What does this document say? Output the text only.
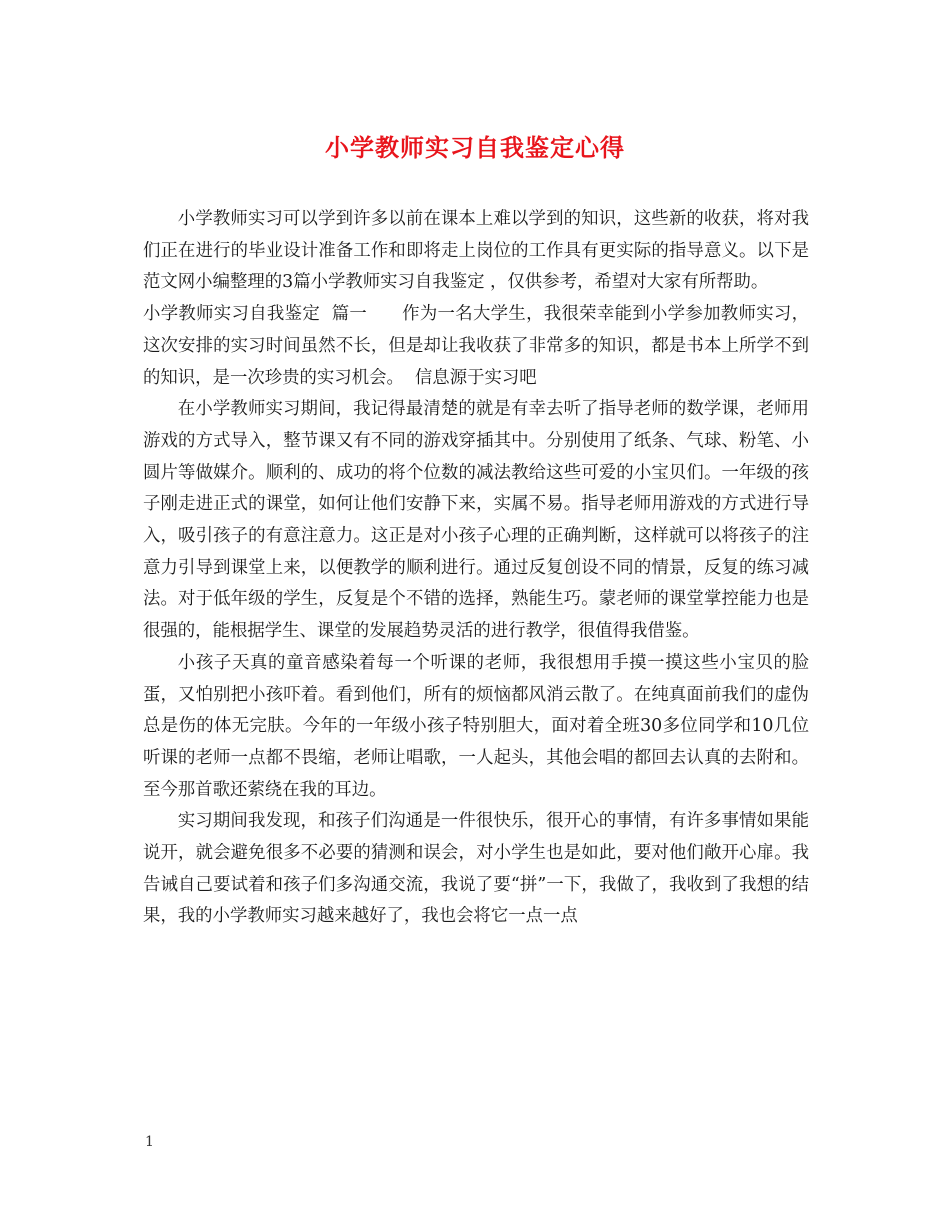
小学教师实习自我鉴定心得

小学教师实习可以学到许多以前在课本上难以学到的知识，这些新的收获，将对我们正在进行的毕业设计准备工作和即将走上岗位的工作具有更实际的指导意义。以下是范文网小编整理的3篇小学教师实习自我鉴定 ，仅供参考，希望对大家有所帮助。

小学教师实习自我鉴定  篇一      作为一名大学生，我很荣幸能到小学参加教师实习，这次安排的实习时间虽然不长，但是却让我收获了非常多的知识，都是书本上所学不到的知识，是一次珍贵的实习机会。  信息源于实习吧

在小学教师实习期间，我记得最清楚的就是有幸去听了指导老师的数学课，老师用游戏的方式导入，整节课又有不同的游戏穿插其中。分别使用了纸条、气球、粉笔、小圆片等做媒介。顺利的、成功的将个位数的减法教给这些可爱的小宝贝们。一年级的孩子刚走进正式的课堂，如何让他们安静下来，实属不易。指导老师用游戏的方式进行导入，吸引孩子的有意注意力。这正是对小孩子心理的正确判断，这样就可以将孩子的注意力引导到课堂上来，以便教学的顺利进行。通过反复创设不同的情景，反复的练习减法。对于低年级的学生，反复是个不错的选择，熟能生巧。蒙老师的课堂掌控能力也是很强的，能根据学生、课堂的发展趋势灵活的进行教学，很值得我借鉴。

小孩子天真的童音感染着每一个听课的老师，我很想用手摸一摸这些小宝贝的脸蛋，又怕别把小孩吓着。看到他们，所有的烦恼都风消云散了。在纯真面前我们的虚伪总是伤的体无完肤。今年的一年级小孩子特别胆大，面对着全班30多位同学和10几位听课的老师一点都不畏缩，老师让唱歌，一人起头，其他会唱的都回去认真的去附和。至今那首歌还萦绕在我的耳边。

实习期间我发现，和孩子们沟通是一件很快乐，很开心的事情，有许多事情如果能说开，就会避免很多不必要的猜测和误会，对小学生也是如此，要对他们敞开心扉。我告诫自己要试着和孩子们多沟通交流，我说了要“拼”一下，我做了，我收到了我想的结果，我的小学教师实习越来越好了，我也会将它一点一点

1
